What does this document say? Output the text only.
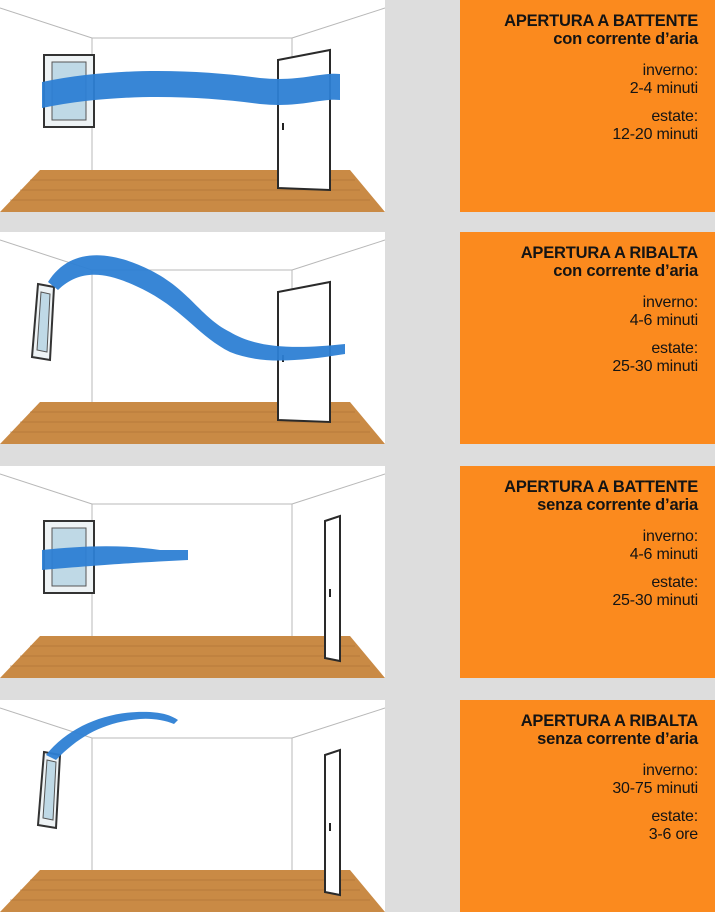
APERTURA A BATTENTE
con corrente d’aria
inverno:
2-4 minuti
estate:
12-20 minuti
APERTURA A RIBALTA
con corrente d’aria
inverno:
4-6 minuti
estate:
25-30 minuti
APERTURA A BATTENTE
senza corrente d’aria
inverno:
4-6 minuti
estate:
25-30 minuti
APERTURA A RIBALTA
senza corrente d’aria
inverno:
30-75 minuti
estate:
3-6 ore
